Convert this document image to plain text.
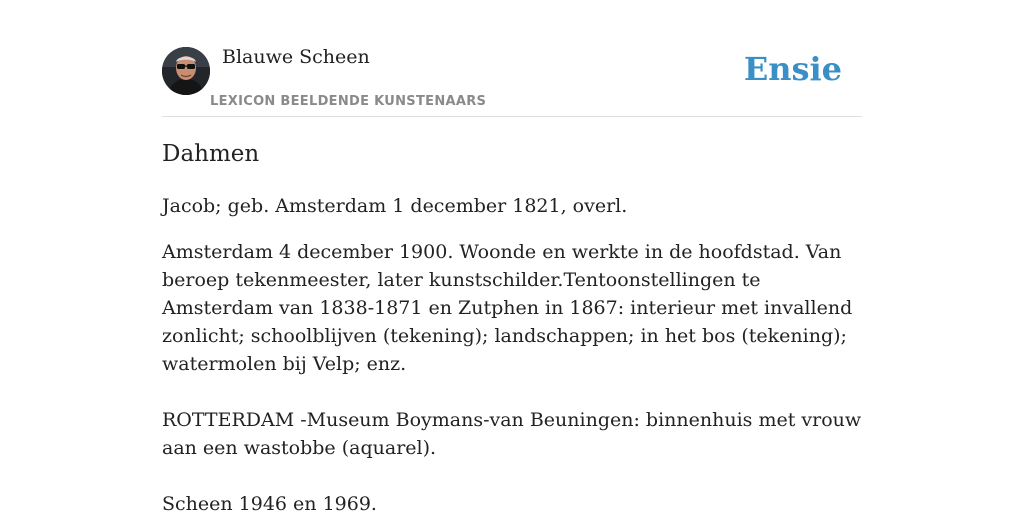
Blauwe Scheen
LEXICON BEELDENDE KUNSTENAARS
Ensie
Dahmen
Jacob; geb. Amsterdam 1 december 1821, overl.
Amsterdam 4 december 1900. Woonde en werkte in de hoofdstad. Van beroep tekenmeester, later kunstschilder.Tentoonstellingen te Amsterdam van 1838-1871 en Zutphen in 1867: interieur met invallend zonlicht; schoolblijven (tekening); landschappen; in het bos (tekening); watermolen bij Velp; enz.
ROTTERDAM -Museum Boymans-van Beuningen: binnenhuis met vrouw aan een wastobbe (aquarel).
Scheen 1946 en 1969.
